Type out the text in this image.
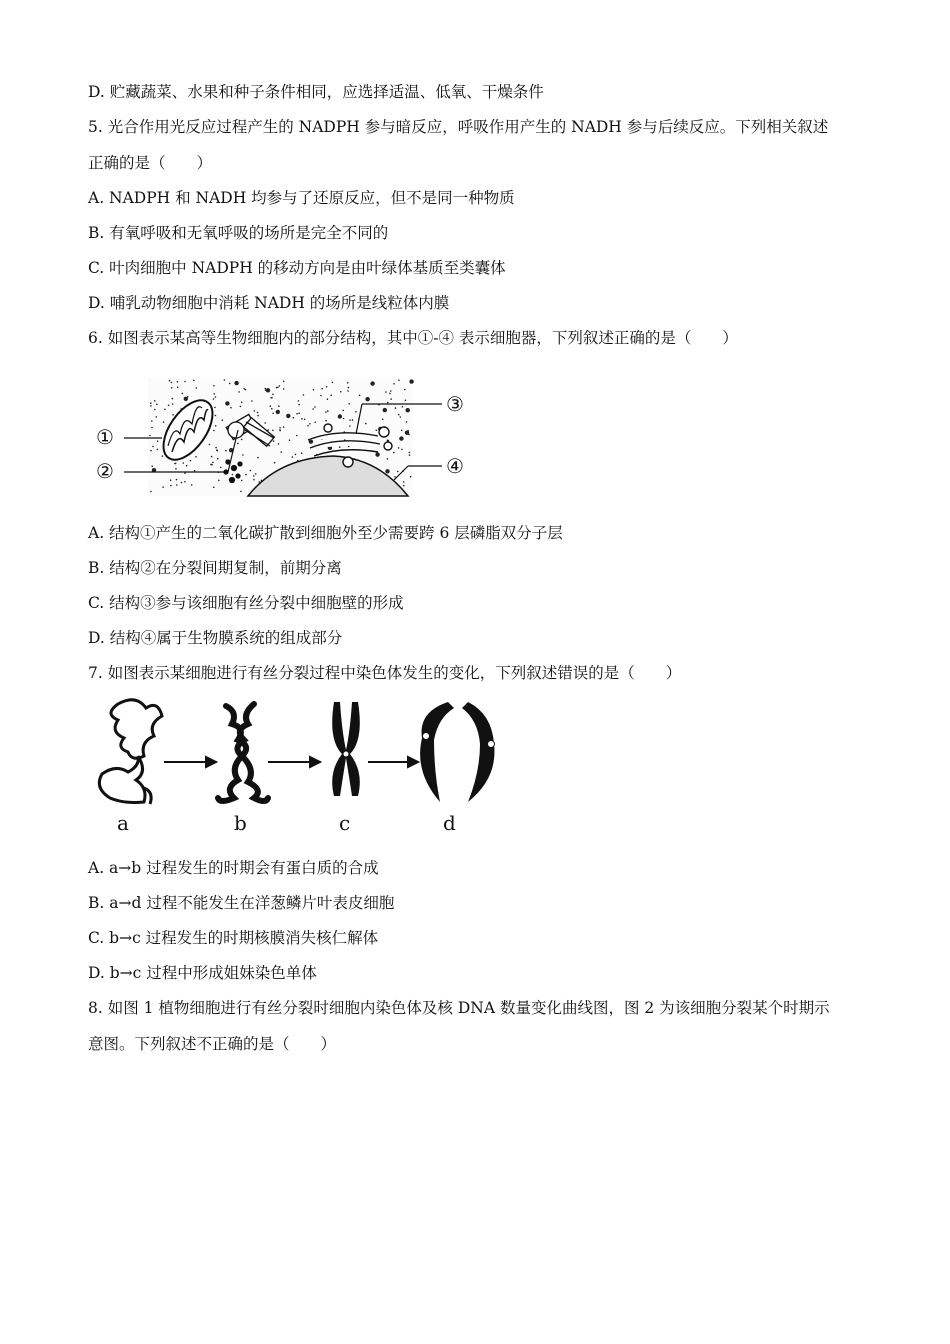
D. 贮藏蔬菜、水果和种子条件相同，应选择适温、低氧、干燥条件
5. 光合作用光反应过程产生的 NADPH 参与暗反应，呼吸作用产生的 NADH 参与后续反应。下列相关叙述
正确的是（　　）
A. NADPH 和 NADH 均参与了还原反应，但不是同一种物质
B. 有氧呼吸和无氧呼吸的场所是完全不同的
C. 叶肉细胞中 NADPH 的移动方向是由叶绿体基质至类囊体
D. 哺乳动物细胞中消耗 NADH 的场所是线粒体内膜
6. 如图表示某高等生物细胞内的部分结构，其中①-④ 表示细胞器，下列叙述正确的是（　　）
①
②
③
④
A. 结构①产生的二氧化碳扩散到细胞外至少需要跨 6 层磷脂双分子层
B. 结构②在分裂间期复制，前期分离
C. 结构③参与该细胞有丝分裂中细胞壁的形成
D. 结构④属于生物膜系统的组成部分
7. 如图表示某细胞进行有丝分裂过程中染色体发生的变化，下列叙述错误的是（　　）
a	b	c	d
A. a→b 过程发生的时期会有蛋白质的合成
B. a→d 过程不能发生在洋葱鳞片叶表皮细胞
C. b→c 过程发生的时期核膜消失核仁解体
D. b→c 过程中形成姐妹染色单体
8. 如图 1 植物细胞进行有丝分裂时细胞内染色体及核 DNA 数量变化曲线图，图 2 为该细胞分裂某个时期示
意图。下列叙述不正确的是（　　）
